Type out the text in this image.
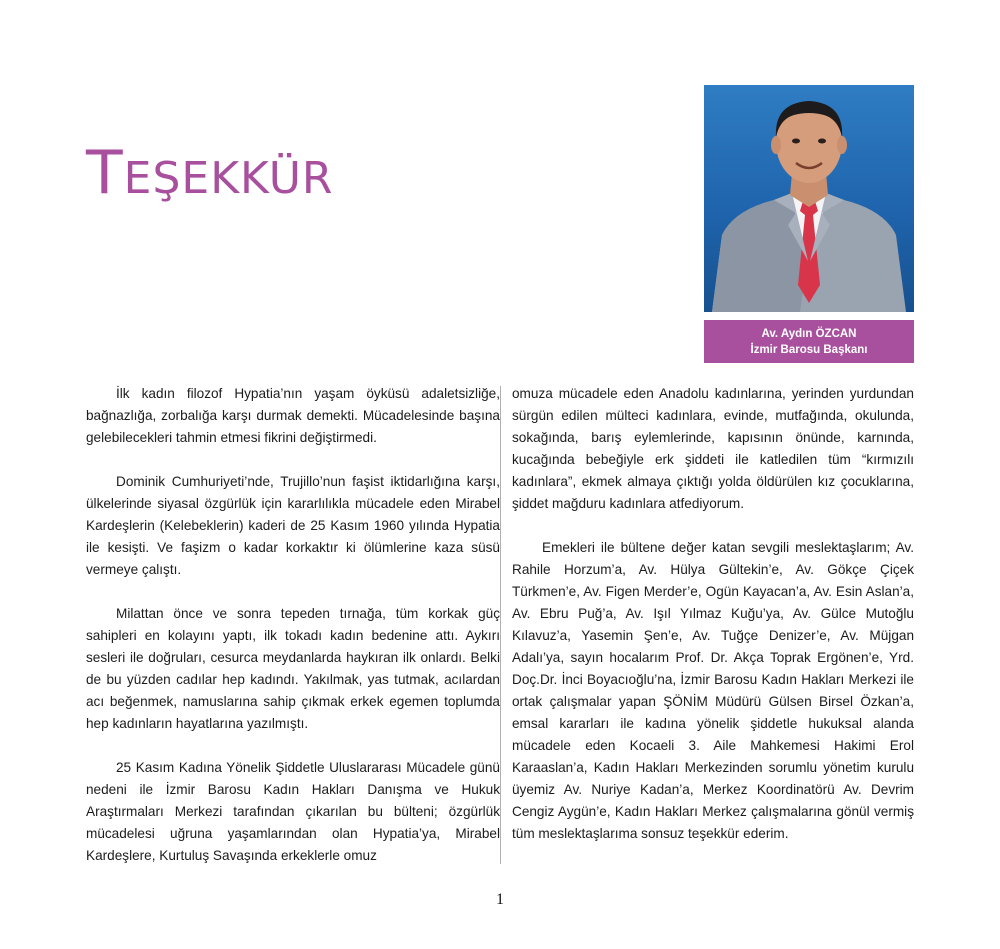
TEŞEKKÜR
Av. Aydın ÖZCAN
İzmir Barosu Başkanı

İlk kadın filozof Hypatia’nın yaşam öyküsü adaletsizliğe, bağnazlığa, zorbalığa karşı durmak demekti. Mücadelesinde başına gelebilecekleri tahmin etmesi fikrini değiştirmedi.

Dominik Cumhuriyeti’nde, Trujillo’nun faşist iktidarlığına karşı, ülkelerinde siyasal özgürlük için kararlılıkla mücadele eden Mirabel Kardeşlerin (Kelebeklerin) kaderi de 25 Kasım 1960 yılında Hypatia ile kesişti. Ve faşizm o kadar korkaktır ki ölümlerine kaza süsü vermeye çalıştı.

Milattan önce ve sonra tepeden tırnağa, tüm korkak güç sahipleri en kolayını yaptı, ilk tokadı kadın bedenine attı. Aykırı sesleri ile doğruları, cesurca meydanlarda haykıran ilk onlardı. Belki de bu yüzden cadılar hep kadındı. Yakılmak, yas tutmak, acılardan acı beğenmek, namuslarına sahip çıkmak erkek egemen toplumda hep kadınların hayatlarına yazılmıştı.

25 Kasım Kadına Yönelik Şiddetle Uluslararası Mücadele günü nedeni ile İzmir Barosu Kadın Hakları Danışma ve Hukuk Araştırmaları Merkezi tarafından çıkarılan bu bülteni; özgürlük mücadelesi uğruna yaşamlarından olan Hypatia’ya, Mirabel Kardeşlere, Kurtuluş Savaşında erkeklerle omuz

omuza mücadele eden Anadolu kadınlarına, yerinden yurdundan sürgün edilen mülteci kadınlara, evinde, mutfağında, okulunda, sokağında, barış eylemlerinde, kapısının önünde, karnında, kucağında bebeğiyle erk şiddeti ile katledilen tüm “kırmızılı kadınlara”, ekmek almaya çıktığı yolda öldürülen kız çocuklarına, şiddet mağduru kadınlara atfediyorum.

Emekleri ile bültene değer katan sevgili meslektaşlarım; Av. Rahile Horzum’a, Av. Hülya Gültekin’e, Av. Gökçe Çiçek Türkmen’e, Av. Figen Merder’e, Ogün Kayacan’a, Av. Esin Aslan’a, Av. Ebru Puğ’a, Av. Işıl Yılmaz Kuğu’ya, Av. Gülce Mutoğlu Kılavuz’a, Yasemin Şen’e, Av. Tuğçe Denizer’e, Av. Müjgan Adalı’ya, sayın hocalarım Prof. Dr. Akça Toprak Ergönen’e, Yrd. Doç.Dr. İnci Boyacıoğlu’na, İzmir Barosu Kadın Hakları Merkezi ile ortak çalışmalar yapan ŞÖNİM Müdürü Gülsen Birsel Özkan’a, emsal kararları ile kadına yönelik şiddetle hukuksal alanda mücadele eden Kocaeli 3. Aile Mahkemesi Hakimi Erol Karaaslan’a, Kadın Hakları Merkezinden sorumlu yönetim kurulu üyemiz Av. Nuriye Kadan’a, Merkez Koordinatörü Av. Devrim Cengiz Aygün’e, Kadın Hakları Merkez çalışmalarına gönül vermiş tüm meslektaşlarıma sonsuz teşekkür ederim.

1
